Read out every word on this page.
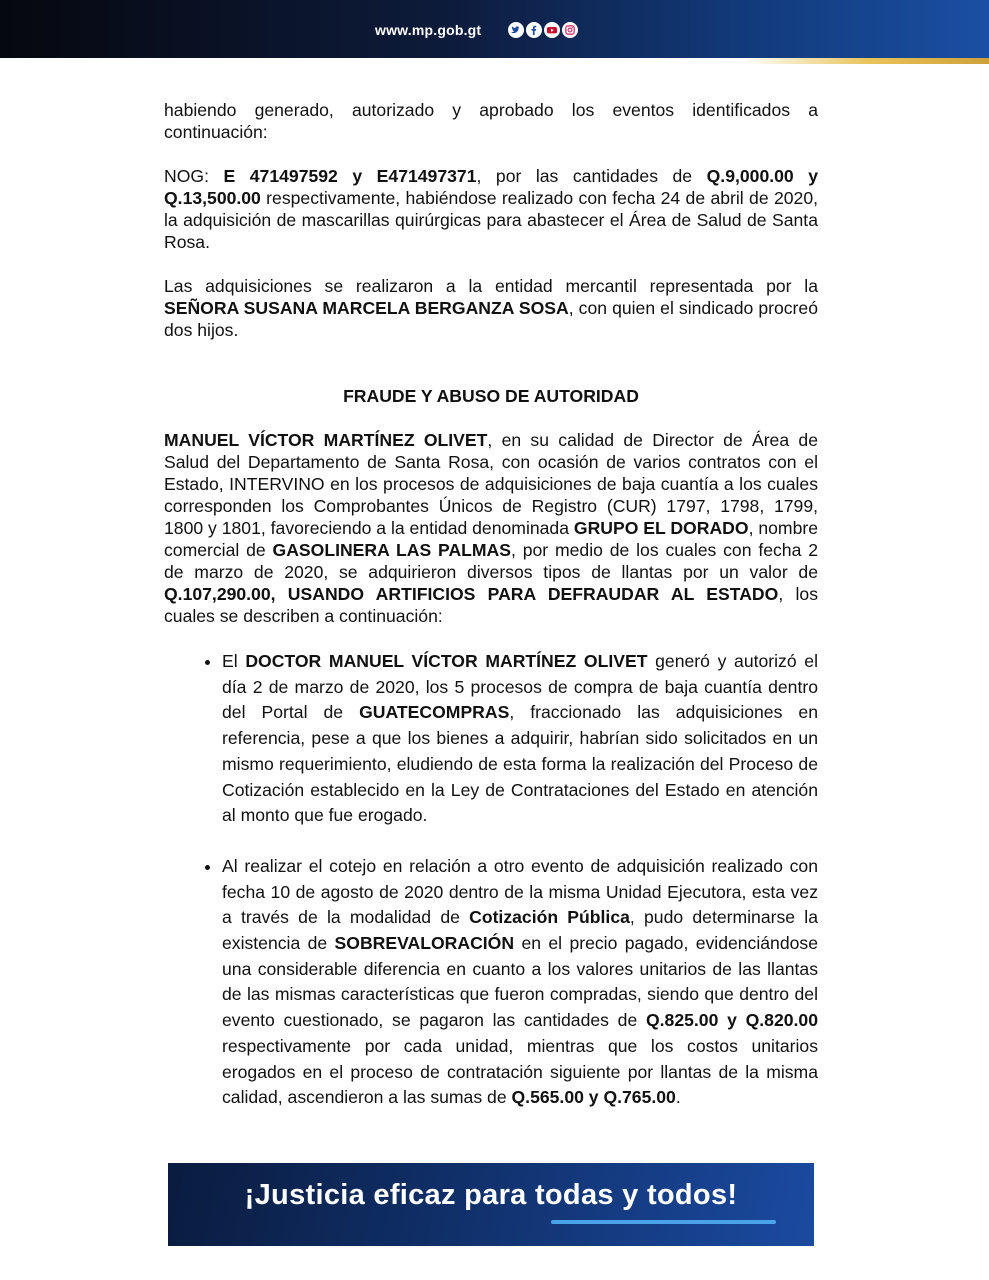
www.mp.gob.gt

habiendo generado, autorizado y aprobado los eventos identificados a continuación:

NOG: E 471497592 y E471497371, por las cantidades de Q.9,000.00 y Q.13,500.00 respectivamente, habiéndose realizado con fecha 24 de abril de 2020, la adquisición de mascarillas quirúrgicas para abastecer el Área de Salud de Santa Rosa.

Las adquisiciones se realizaron a la entidad mercantil representada por la SEÑORA SUSANA MARCELA BERGANZA SOSA, con quien el sindicado procreó dos hijos.

FRAUDE Y ABUSO DE AUTORIDAD

MANUEL VÍCTOR MARTÍNEZ OLIVET, en su calidad de Director de Área de Salud del Departamento de Santa Rosa, con ocasión de varios contratos con el Estado, INTERVINO en los procesos de adquisiciones de baja cuantía a los cuales corresponden los Comprobantes Únicos de Registro (CUR) 1797, 1798, 1799, 1800 y 1801, favoreciendo a la entidad denominada GRUPO EL DORADO, nombre comercial de GASOLINERA LAS PALMAS, por medio de los cuales con fecha 2 de marzo de 2020, se adquirieron diversos tipos de llantas por un valor de Q.107,290.00, USANDO ARTIFICIOS PARA DEFRAUDAR AL ESTADO, los cuales se describen a continuación:

• El DOCTOR MANUEL VÍCTOR MARTÍNEZ OLIVET generó y autorizó el día 2 de marzo de 2020, los 5 procesos de compra de baja cuantía dentro del Portal de GUATECOMPRAS, fraccionado las adquisiciones en referencia, pese a que los bienes a adquirir, habrían sido solicitados en un mismo requerimiento, eludiendo de esta forma la realización del Proceso de Cotización establecido en la Ley de Contrataciones del Estado en atención al monto que fue erogado.
• Al realizar el cotejo en relación a otro evento de adquisición realizado con fecha 10 de agosto de 2020 dentro de la misma Unidad Ejecutora, esta vez a través de la modalidad de Cotización Pública, pudo determinarse la existencia de SOBREVALORACIÓN en el precio pagado, evidenciándose una considerable diferencia en cuanto a los valores unitarios de las llantas de las mismas características que fueron compradas, siendo que dentro del evento cuestionado, se pagaron las cantidades de Q.825.00 y Q.820.00 respectivamente por cada unidad, mientras que los costos unitarios erogados en el proceso de contratación siguiente por llantas de la misma calidad, ascendieron a las sumas de Q.565.00 y Q.765.00.
¡Justicia eficaz para todas y todos!
